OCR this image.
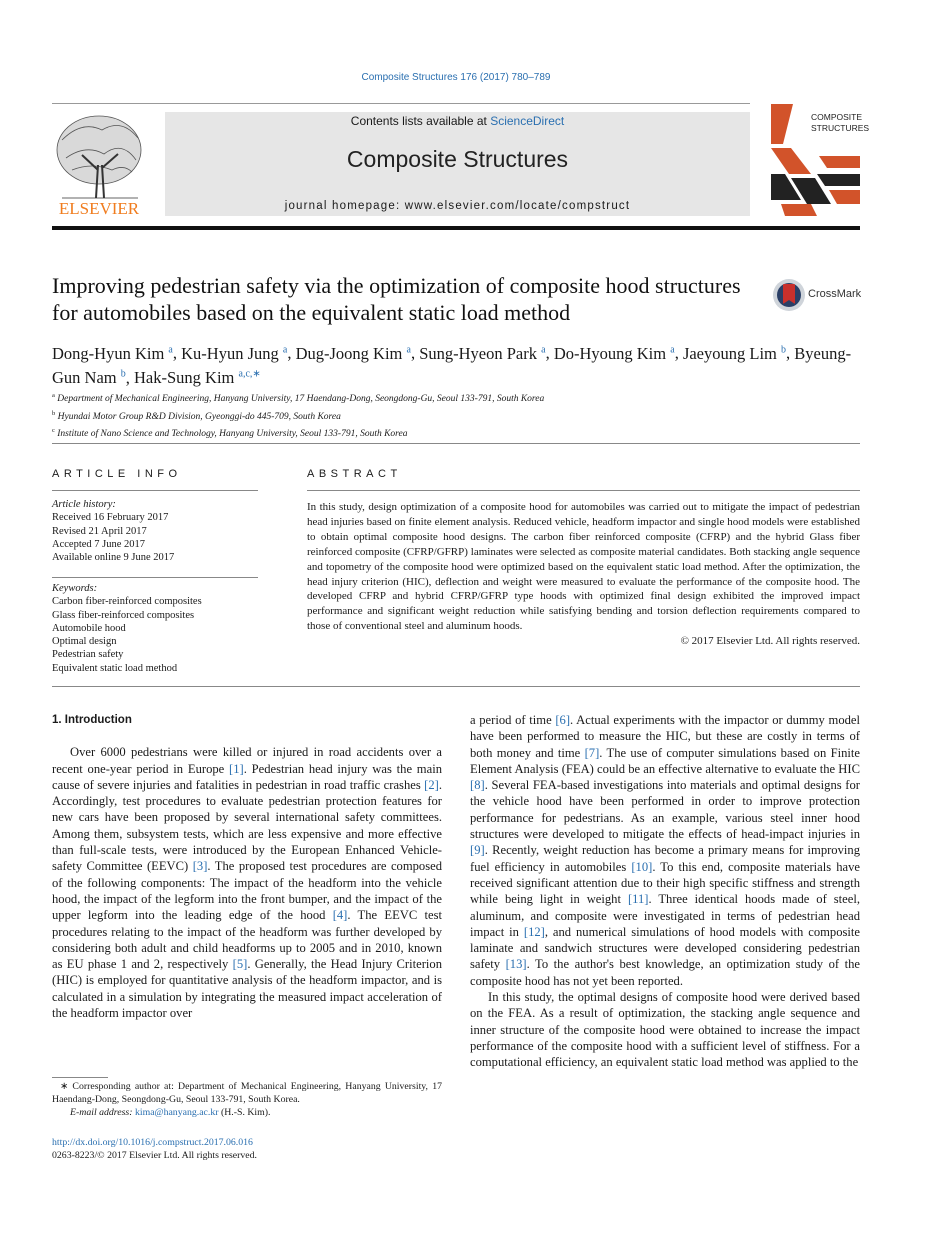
Composite Structures 176 (2017) 780–789
ELSEVIER
Contents lists available at ScienceDirect
Composite Structures
journal homepage: www.elsevier.com/locate/compstruct
COMPOSITE
STRUCTURES
Improving pedestrian safety via the optimization of composite hood structures for automobiles based on the equivalent static load method
CrossMark
Dong-Hyun Kim $^a$, Ku-Hyun Jung $^a$, Dug-Joong Kim $^a$, Sung-Hyeon Park $^a$, Do-Hyoung Kim $^a$, Jaeyoung Lim $^b$, Byeung-Gun Nam $^b$, Hak-Sung Kim $^{a,c,∗}$
$^a$ Department of Mechanical Engineering, Hanyang University, 17 Haendang-Dong, Seongdong-Gu, Seoul 133-791, South Korea
$^b$ Hyundai Motor Group R&D Division, Gyeonggi-do 445-709, South Korea
$^c$ Institute of Nano Science and Technology, Hanyang University, Seoul 133-791, South Korea
ARTICLE INFO
Article history:
Received 16 February 2017
Revised 21 April 2017
Accepted 7 June 2017
Available online 9 June 2017
Keywords:
Carbon fiber-reinforced composites
Glass fiber-reinforced composites
Automobile hood
Optimal design
Pedestrian safety
Equivalent static load method
ABSTRACT
In this study, design optimization of a composite hood for automobiles was carried out to mitigate the impact of pedestrian head injuries based on finite element analysis. Reduced vehicle, headform impactor and single hood models were established to obtain optimal composite hood designs. The carbon fiber reinforced composite (CFRP) and the hybrid Glass fiber reinforced composite (CFRP/GFRP) laminates were selected as composite material candidates. Both stacking angle sequence and topometry of the composite hood were optimized based on the equivalent static load method. After the optimization, the head injury criterion (HIC), deflection and weight were measured to evaluate the performance of the composite hood. The developed CFRP and hybrid CFRP/GFRP type hoods with optimized final design exhibited the improved impact performance and significant weight reduction while satisfying bending and torsion deflection requirements compared to those of conventional steel and aluminum hoods.
© 2017 Elsevier Ltd. All rights reserved.

1. Introduction

Over 6000 pedestrians were killed or injured in road accidents over a recent one-year period in Europe [1]. Pedestrian head injury was the main cause of severe injuries and fatalities in pedestrian in road traffic crashes [2]. Accordingly, test procedures to evaluate pedestrian protection features for new cars have been proposed by several international safety committees. Among them, subsystem tests, which are less expensive and more effective than full-scale tests, were introduced by the European Enhanced Vehicle-safety Committee (EEVC) [3]. The proposed test procedures are composed of the following components: The impact of the headform into the vehicle hood, the impact of the legform into the front bumper, and the impact of the upper legform into the leading edge of the hood [4]. The EEVC test procedures relating to the impact of the headform was further developed by considering both adult and child headforms up to 2005 and in 2010, known as EU phase 1 and 2, respectively [5]. Generally, the Head Injury Criterion (HIC) is employed for quantitative analysis of the headform impactor, and is calculated in a simulation by integrating the measured impact acceleration of the headform impactor over

a period of time [6]. Actual experiments with the impactor or dummy model have been performed to measure the HIC, but these are costly in terms of both money and time [7]. The use of computer simulations based on Finite Element Analysis (FEA) could be an effective alternative to evaluate the HIC [8]. Several FEA-based investigations into materials and optimal designs for the vehicle hood have been performed in order to improve protection performance for pedestrians. As an example, various steel inner hood structures were developed to mitigate the effects of head-impact injuries in [9]. Recently, weight reduction has become a primary means for improving fuel efficiency in automobiles [10]. To this end, composite materials have received significant attention due to their high specific stiffness and strength while being light in weight [11]. Three identical hoods made of steel, aluminum, and composite were investigated in terms of pedestrian head impact in [12], and numerical simulations of hood models with composite laminate and sandwich structures were developed considering pedestrian safety [13]. To the author's best knowledge, an optimization study of the composite hood has not yet been reported.

In this study, the optimal designs of composite hood were derived based on the FEA. As a result of optimization, the stacking angle sequence and inner structure of the composite hood were obtained to increase the impact performance of the composite hood with a sufficient level of stiffness. For a computational efficiency, an equivalent static load method was applied to the

∗ Corresponding author at: Department of Mechanical Engineering, Hanyang University, 17 Haendang-Dong, Seongdong-Gu, Seoul 133-791, South Korea.
E-mail address: kima@hanyang.ac.kr (H.-S. Kim).
http://dx.doi.org/10.1016/j.compstruct.2017.06.016
0263-8223/© 2017 Elsevier Ltd. All rights reserved.
